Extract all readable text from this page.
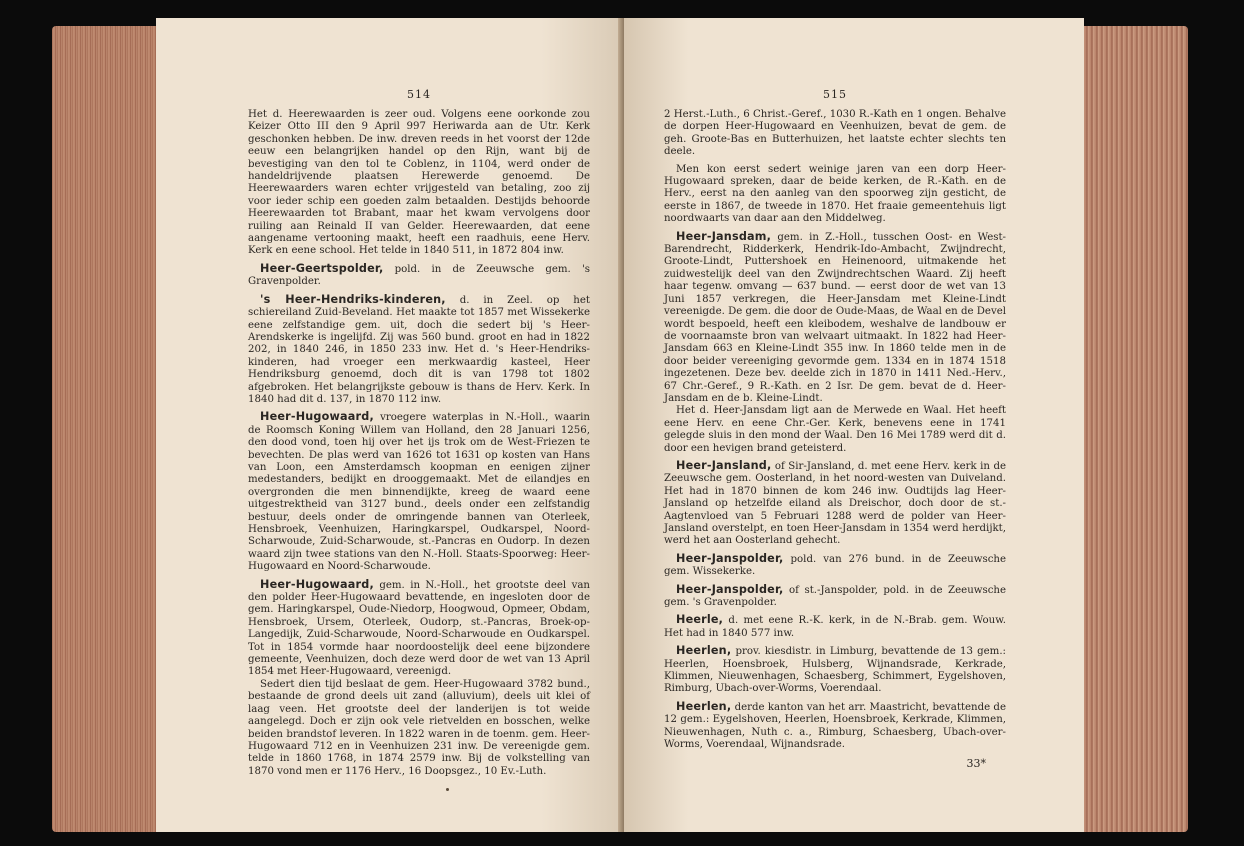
514

Het d. Heerewaarden is zeer oud. Volgens eene oorkonde zou Keizer Otto III den 9 April 997 Heriwarda aan de Utr. Kerk geschonken hebben. De inw. dreven reeds in het voorst der 12de eeuw een belangrijken handel op den Rijn, want bij de bevestiging van den tol te Coblenz, in 1104, werd onder de handeldrijvende plaatsen Herewerde genoemd. De Heerewaarders waren echter vrijgesteld van betaling, zoo zij voor ieder schip een goeden zalm betaalden. Destijds behoorde Heerewaarden tot Brabant, maar het kwam vervolgens door ruiling aan Reinald II van Gelder. Heerewaarden, dat eene aangename vertooning maakt, heeft een raadhuis, eene Herv. Kerk en eene school. Het telde in 1840 511, in 1872 804 inw.

Heer-Geertspolder, pold. in de Zeeuwsche gem. 's Gravenpolder.

's Heer-Hendriks-kinderen, d. in Zeel. op het schiereiland Zuid-Beveland. Het maakte tot 1857 met Wissekerke eene zelfstandige gem. uit, doch die sedert bij 's Heer-Arendskerke is ingelijfd. Zij was 560 bund. groot en had in 1822 202, in 1840 246, in 1850 233 inw. Het d. 's Heer-Hendriks-kinderen, had vroeger een merkwaardig kasteel, Heer Hendriksburg genoemd, doch dit is van 1798 tot 1802 afgebroken. Het belangrijkste gebouw is thans de Herv. Kerk. In 1840 had dit d. 137, in 1870 112 inw.

Heer-Hugowaard, vroegere waterplas in N.-Holl., waarin de Roomsch Koning Willem van Holland, den 28 Januari 1256, den dood vond, toen hij over het ijs trok om de West-Friezen te bevechten. De plas werd van 1626 tot 1631 op kosten van Hans van Loon, een Amsterdamsch koopman en eenigen zijner medestanders, bedijkt en drooggemaakt. Met de eilandjes en overgronden die men binnendijkte, kreeg de waard eene uitgestrektheid van 3127 bund., deels onder een zelfstandig bestuur, deels onder de omringende bannen van Oterleek, Hensbroek, Veenhuizen, Haringkarspel, Oudkarspel, Noord-Scharwoude, Zuid-Scharwoude, st.-Pancras en Oudorp. In dezen waard zijn twee stations van den N.-Holl. Staats-Spoorweg: Heer-Hugowaard en Noord-Scharwoude.

Heer-Hugowaard, gem. in N.-Holl., het grootste deel van den polder Heer-Hugowaard bevattende, en ingesloten door de gem. Haringkarspel, Oude-Niedorp, Hoogwoud, Opmeer, Obdam, Hensbroek, Ursem, Oterleek, Oudorp, st.-Pancras, Broek-op-Langedijk, Zuid-Scharwoude, Noord-Scharwoude en Oudkarspel. Tot in 1854 vormde haar noordoostelijk deel eene bijzondere gemeente, Veenhuizen, doch deze werd door de wet van 13 April 1854 met Heer-Hugowaard, vereenigd.

Sedert dien tijd beslaat de gem. Heer-Hugowaard 3782 bund., bestaande de grond deels uit zand (alluvium), deels uit klei of laag veen. Het grootste deel der landerijen is tot weide aangelegd. Doch er zijn ook vele rietvelden en bosschen, welke beiden brandstof leveren. In 1822 waren in de toenm. gem. Heer-Hugowaard 712 en in Veenhuizen 231 inw. De vereenigde gem. telde in 1860 1768, in 1874 2579 inw. Bij de volkstelling van 1870 vond men er 1176 Herv., 16 Doopsgez., 10 Ev.-Luth.

515

2 Herst.-Luth., 6 Christ.-Geref., 1030 R.-Kath en 1 ongen. Behalve de dorpen Heer-Hugowaard en Veenhuizen, bevat de gem. de geh. Groote-Bas en Butterhuizen, het laatste echter slechts ten deele.

Men kon eerst sedert weinige jaren van een dorp Heer-Hugowaard spreken, daar de beide kerken, de R.-Kath. en de Herv., eerst na den aanleg van den spoorweg zijn gesticht, de eerste in 1867, de tweede in 1870. Het fraaie gemeentehuis ligt noordwaarts van daar aan den Middelweg.

Heer-Jansdam, gem. in Z.-Holl., tusschen Oost- en West-Barendrecht, Ridderkerk, Hendrik-Ido-Ambacht, Zwijndrecht, Groote-Lindt, Puttershoek en Heinenoord, uitmakende het zuidwestelijk deel van den Zwijndrechtschen Waard. Zij heeft haar tegenw. omvang — 637 bund. — eerst door de wet van 13 Juni 1857 verkregen, die Heer-Jansdam met Kleine-Lindt vereenigde. De gem. die door de Oude-Maas, de Waal en de Devel wordt bespoeld, heeft een kleibodem, weshalve de landbouw er de voornaamste bron van welvaart uitmaakt. In 1822 had Heer-Jansdam 663 en Kleine-Lindt 355 inw. In 1860 telde men in de door beider vereeniging gevormde gem. 1334 en in 1874 1518 ingezetenen. Deze bev. deelde zich in 1870 in 1411 Ned.-Herv., 67 Chr.-Geref., 9 R.-Kath. en 2 Isr. De gem. bevat de d. Heer-Jansdam en de b. Kleine-Lindt.

Het d. Heer-Jansdam ligt aan de Merwede en Waal. Het heeft eene Herv. en eene Chr.-Ger. Kerk, benevens eene in 1741 gelegde sluis in den mond der Waal. Den 16 Mei 1789 werd dit d. door een hevigen brand geteisterd.

Heer-Jansland, of Sir-Jansland, d. met eene Herv. kerk in de Zeeuwsche gem. Oosterland, in het noord-westen van Duiveland. Het had in 1870 binnen de kom 246 inw. Oudtijds lag Heer-Jansland op hetzelfde eiland als Dreischor, doch door de st.-Aagtenvloed van 5 Februari 1288 werd de polder van Heer-Jansland overstelpt, en toen Heer-Jansdam in 1354 werd herdijkt, werd het aan Oosterland gehecht.

Heer-Janspolder, pold. van 276 bund. in de Zeeuwsche gem. Wissekerke.

Heer-Janspolder, of st.-Janspolder, pold. in de Zeeuwsche gem. 's Gravenpolder.

Heerle, d. met eene R.-K. kerk, in de N.-Brab. gem. Wouw. Het had in 1840 577 inw.

Heerlen, prov. kiesdistr. in Limburg, bevattende de 13 gem.: Heerlen, Hoensbroek, Hulsberg, Wijnandsrade, Kerkrade, Klimmen, Nieuwenhagen, Schaesberg, Schimmert, Eygelshoven, Rimburg, Ubach-over-Worms, Voerendaal.

Heerlen, derde kanton van het arr. Maastricht, bevattende de 12 gem.: Eygelshoven, Heerlen, Hoensbroek, Kerkrade, Klimmen, Nieuwenhagen, Nuth c. a., Rimburg, Schaesberg, Ubach-over-Worms, Voerendaal, Wijnandsrade.

33*
